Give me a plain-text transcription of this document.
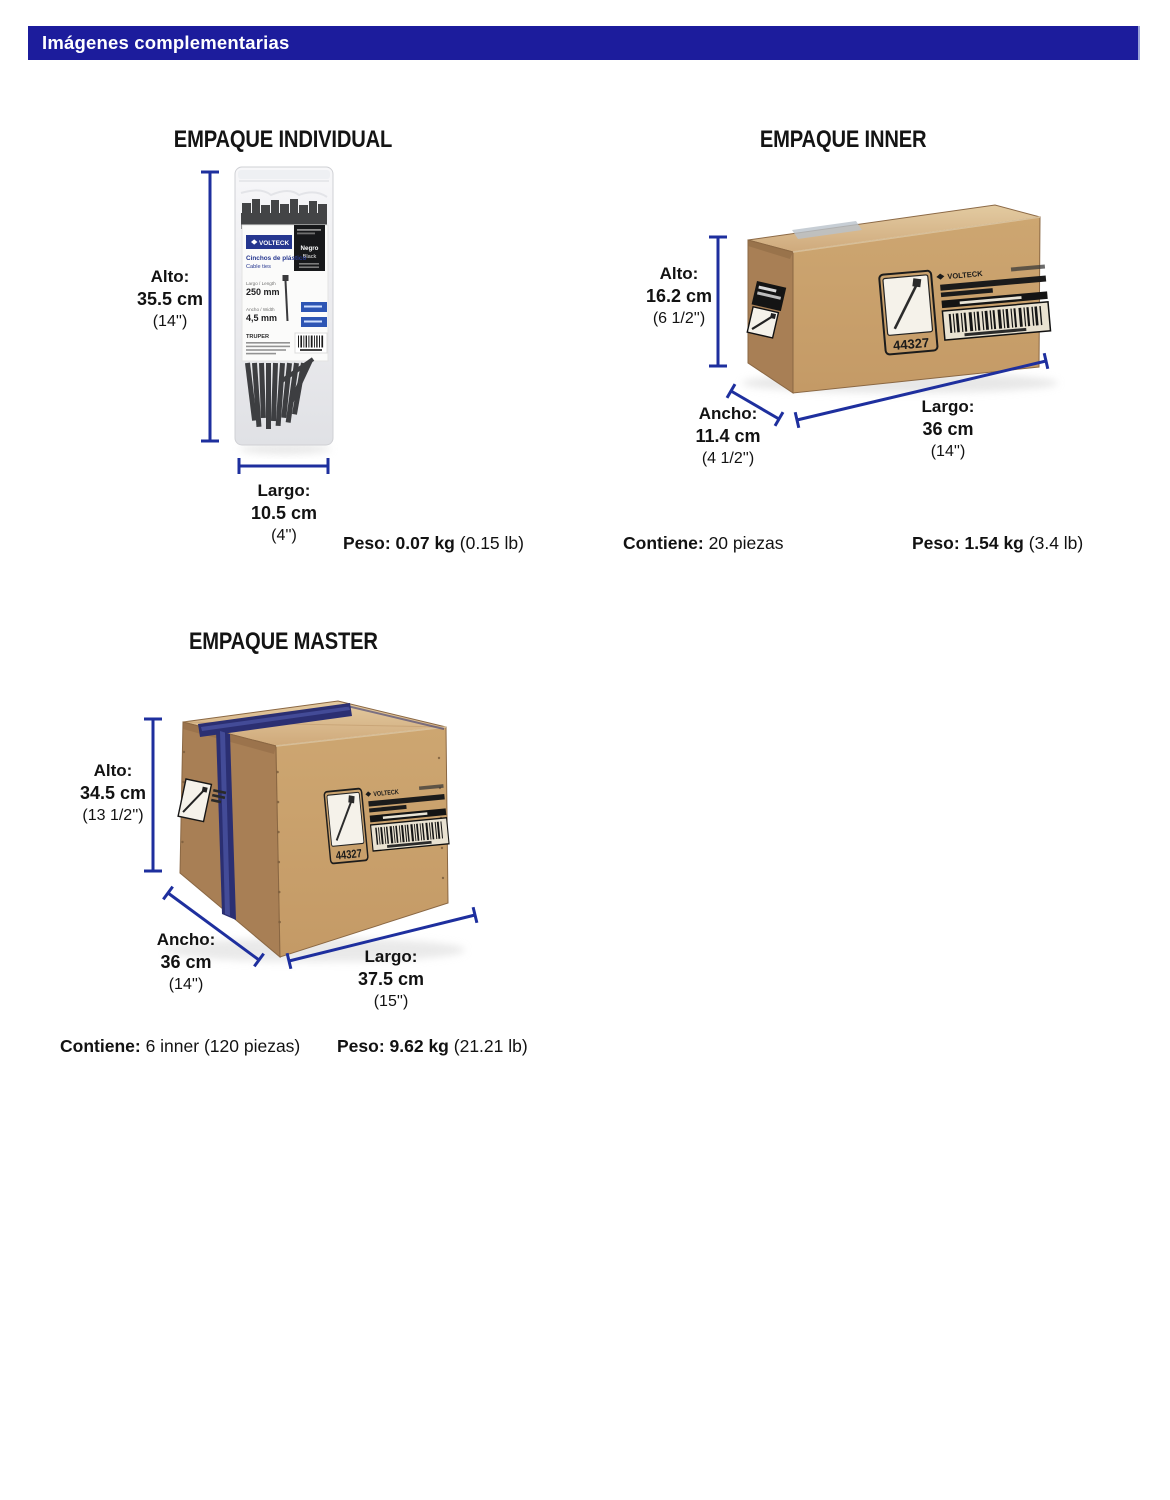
Imágenes complementarias
EMPAQUE INDIVIDUAL
VOLTECK
Negro
Black
Cinchos de plástico
Cable ties
Largo / Length
250 mm
Ancho / Width
4,5 mm
TRUPER
Alto:
35.5 cm
(14'')
Largo:
10.5 cm
(4'')	Peso: 0.07 kg (0.15 lb)
EMPAQUE INNER
Alto:
16.2 cm
(6 1/2'')
Ancho:
11.4 cm
(4 1/2'')
Largo:
36 cm
(14'')
Contiene: 20 piezas	Peso: 1.54 kg (3.4 lb)
EMPAQUE MASTER
Alto:
34.5 cm
(13 1/2'')
Ancho:
36 cm
(14'')
Largo:
37.5 cm
(15'')
Contiene: 6 inner (120 piezas) Peso: 9.62 kg (21.21 lb)
